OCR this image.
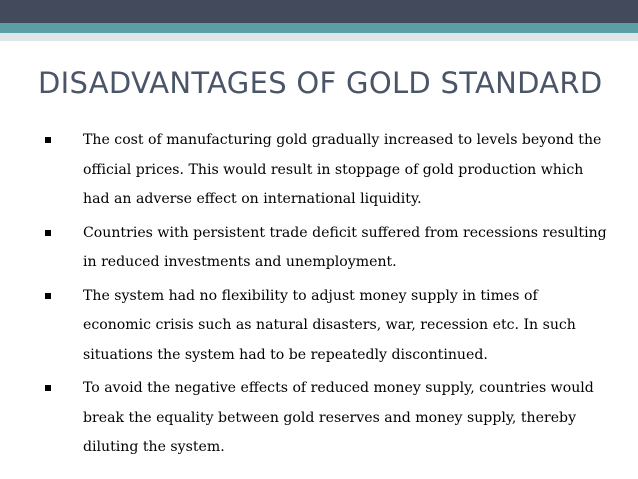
DISADVANTAGES OF GOLD STANDARD
The cost of manufacturing gold gradually increased to levels beyond the official prices. This would result in stoppage of gold production which had an adverse effect on international liquidity.
Countries with persistent trade deficit suffered from recessions resulting in reduced investments and unemployment.
The system had no flexibility to adjust money supply in times of economic crisis such as natural disasters, war, recession etc. In such situations the system had to be repeatedly discontinued.
To avoid the negative effects of reduced money supply, countries would break the equality between gold reserves and money supply, thereby diluting the system.
